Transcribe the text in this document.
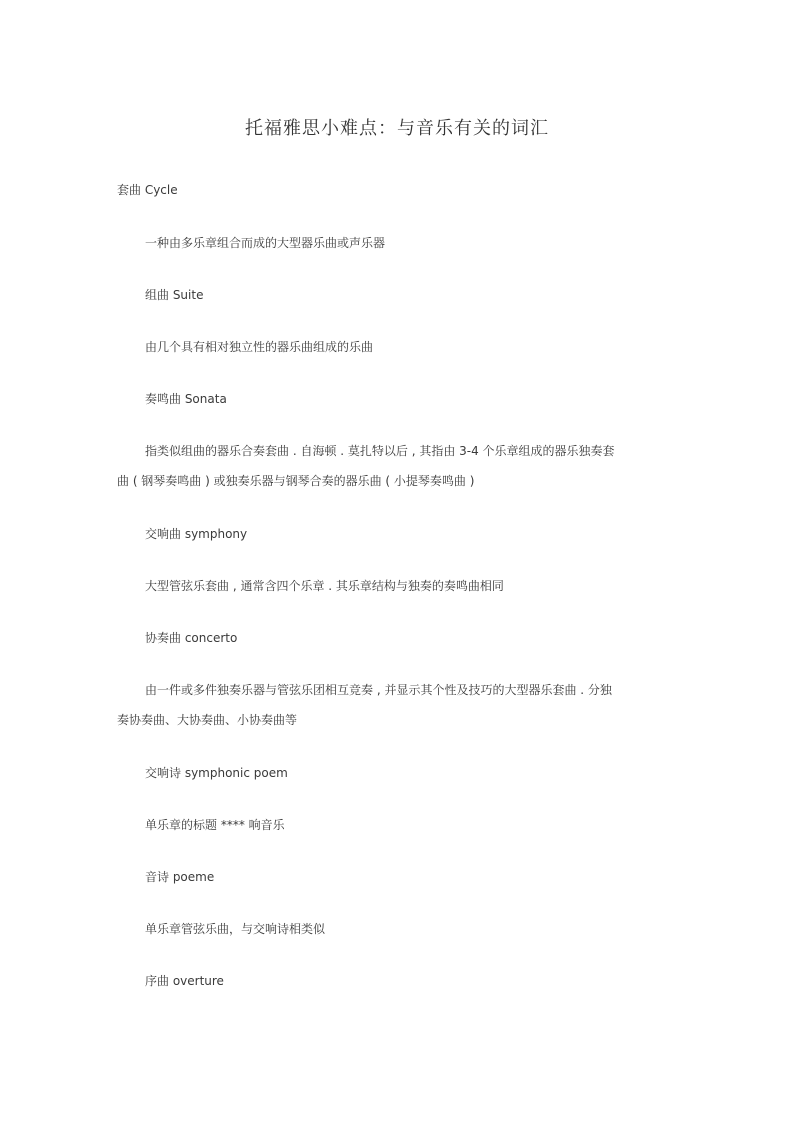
托福雅思小难点：与音乐有关的词汇
套曲 Cycle
一种由多乐章组合而成的大型器乐曲或声乐器
组曲 Suite
由几个具有相对独立性的器乐曲组成的乐曲
奏鸣曲 Sonata
指类似组曲的器乐合奏套曲 . 自海顿 . 莫扎特以后 , 其指由 3-4 个乐章组成的器乐独奏套
曲 ( 钢琴奏鸣曲 ) 或独奏乐器与钢琴合奏的器乐曲 ( 小提琴奏鸣曲 )
交响曲 symphony
大型管弦乐套曲 , 通常含四个乐章 . 其乐章结构与独奏的奏鸣曲相同
协奏曲 concerto
由一件或多件独奏乐器与管弦乐团相互竞奏 , 并显示其个性及技巧的大型器乐套曲 . 分独
奏协奏曲、大协奏曲、小协奏曲等
交响诗 symphonic poem
单乐章的标题 **** 响音乐
音诗 poeme
单乐章管弦乐曲，与交响诗相类似
序曲 overture
